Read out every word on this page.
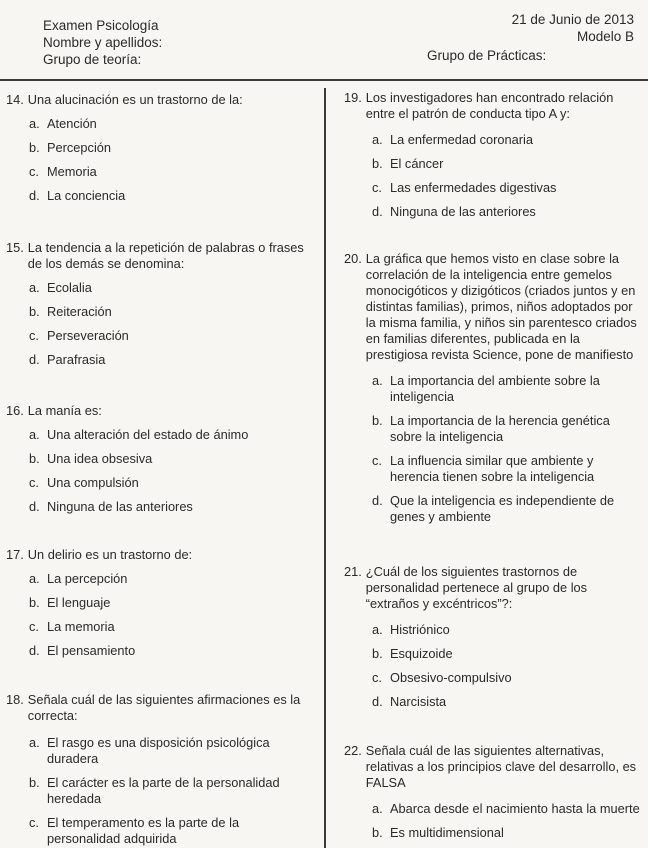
Examen Psicología
Nombre y apellidos:
Grupo de teoría:
21 de Junio de 2013
Modelo B
Grupo de Prácticas:
14. Una alucinación es un trastorno de la:
a. Atención
b. Percepción
c. Memoria
d. La conciencia
15. La tendencia a la repetición de palabras o frases de los demás se denomina:
a. Ecolalia
b. Reiteración
c. Perseveración
d. Parafrasia
16. La manía es:
a. Una alteración del estado de ánimo
b. Una idea obsesiva
c. Una compulsión
d. Ninguna de las anteriores
17. Un delirio es un trastorno de:
a. La percepción
b. El lenguaje
c. La memoria
d. El pensamiento
18. Señala cuál de las siguientes afirmaciones es la correcta:
a. El rasgo es una disposición psicológica duradera
b. El carácter es la parte de la personalidad heredada
c. El temperamento es la parte de la personalidad adquirida
19. Los investigadores han encontrado relación entre el patrón de conducta tipo A y:
a. La enfermedad coronaria
b. El cáncer
c. Las enfermedades digestivas
d. Ninguna de las anteriores
20. La gráfica que hemos visto en clase sobre la correlación de la inteligencia entre gemelos monocigóticos y dizigóticos (criados juntos y en distintas familias), primos, niños adoptados por la misma familia, y niños sin parentesco criados en familias diferentes, publicada en la prestigiosa revista Science, pone de manifiesto
a. La importancia del ambiente sobre la inteligencia
b. La importancia de la herencia genética sobre la inteligencia
c. La influencia similar que ambiente y herencia tienen sobre la inteligencia
d. Que la inteligencia es independiente de genes y ambiente
21. ¿Cuál de los siguientes trastornos de personalidad pertenece al grupo de los “extraños y excéntricos”?:
a. Histriónico
b. Esquizoide
c. Obsesivo-compulsivo
d. Narcisista
22. Señala cuál de las siguientes alternativas, relativas a los principios clave del desarrollo, es FALSA
a. Abarca desde el nacimiento hasta la muerte
b. Es multidimensional
